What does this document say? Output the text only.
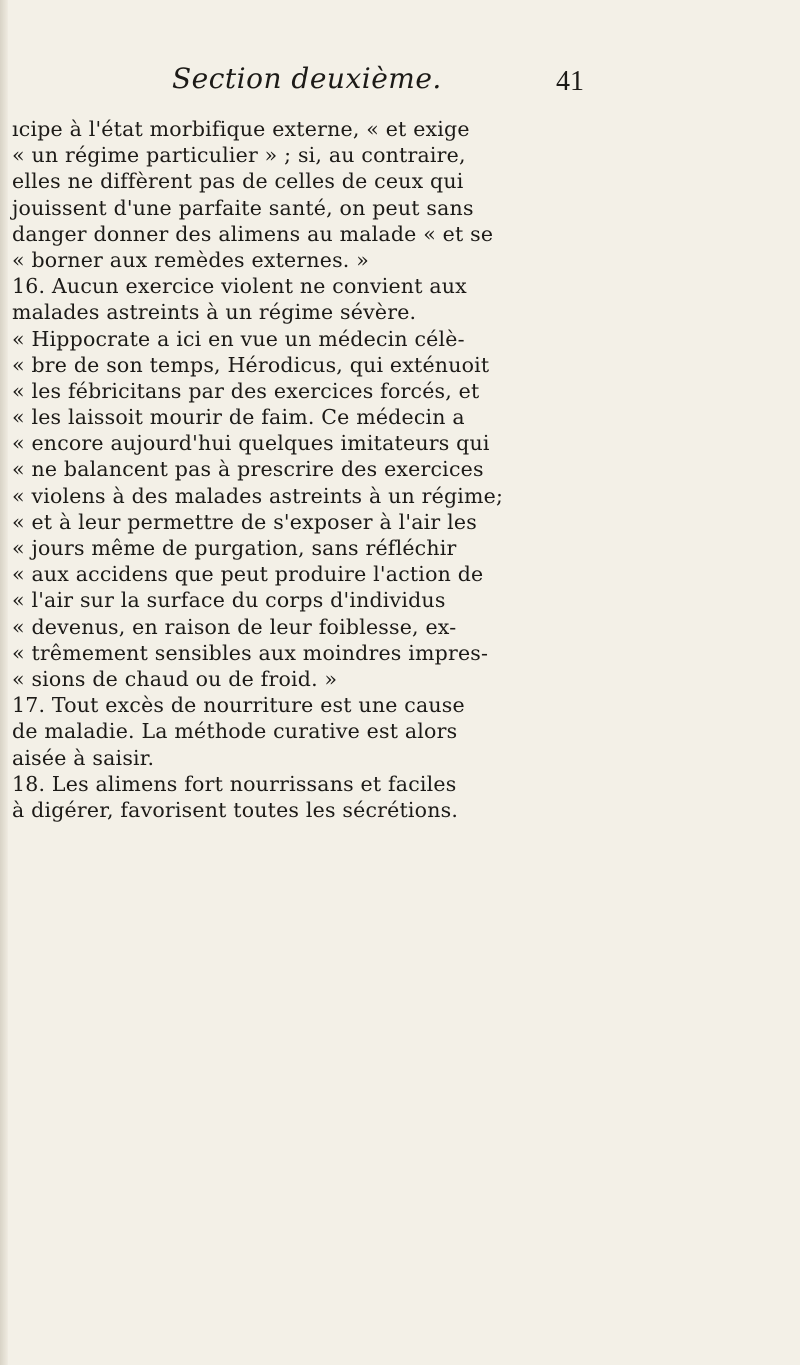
Section deuxième.	41
ıcipe à l'état morbifique externe, « et exige
« un régime particulier » ; si, au contraire,
elles ne diffèrent pas de celles de ceux qui
jouissent d'une parfaite santé, on peut sans
danger donner des alimens au malade « et se
« borner aux remèdes externes. »
16. Aucun exercice violent ne convient aux
malades astreints à un régime sévère.
« Hippocrate a ici en vue un médecin célè-
« bre de son temps, Hérodicus, qui exténuoit
« les fébricitans par des exercices forcés, et
« les laissoit mourir de faim. Ce médecin a
« encore aujourd'hui quelques imitateurs qui
« ne balancent pas à prescrire des exercices
« violens à des malades astreints à un régime;
« et à leur permettre de s'exposer à l'air les
« jours même de purgation, sans réfléchir
« aux accidens que peut produire l'action de
« l'air sur la surface du corps d'individus
« devenus, en raison de leur foiblesse, ex-
« trêmement sensibles aux moindres impres-
« sions de chaud ou de froid. »
17. Tout excès de nourriture est une cause
de maladie. La méthode curative est alors
aisée à saisir.
18. Les alimens fort nourrissans et faciles
à digérer, favorisent toutes les sécrétions.
